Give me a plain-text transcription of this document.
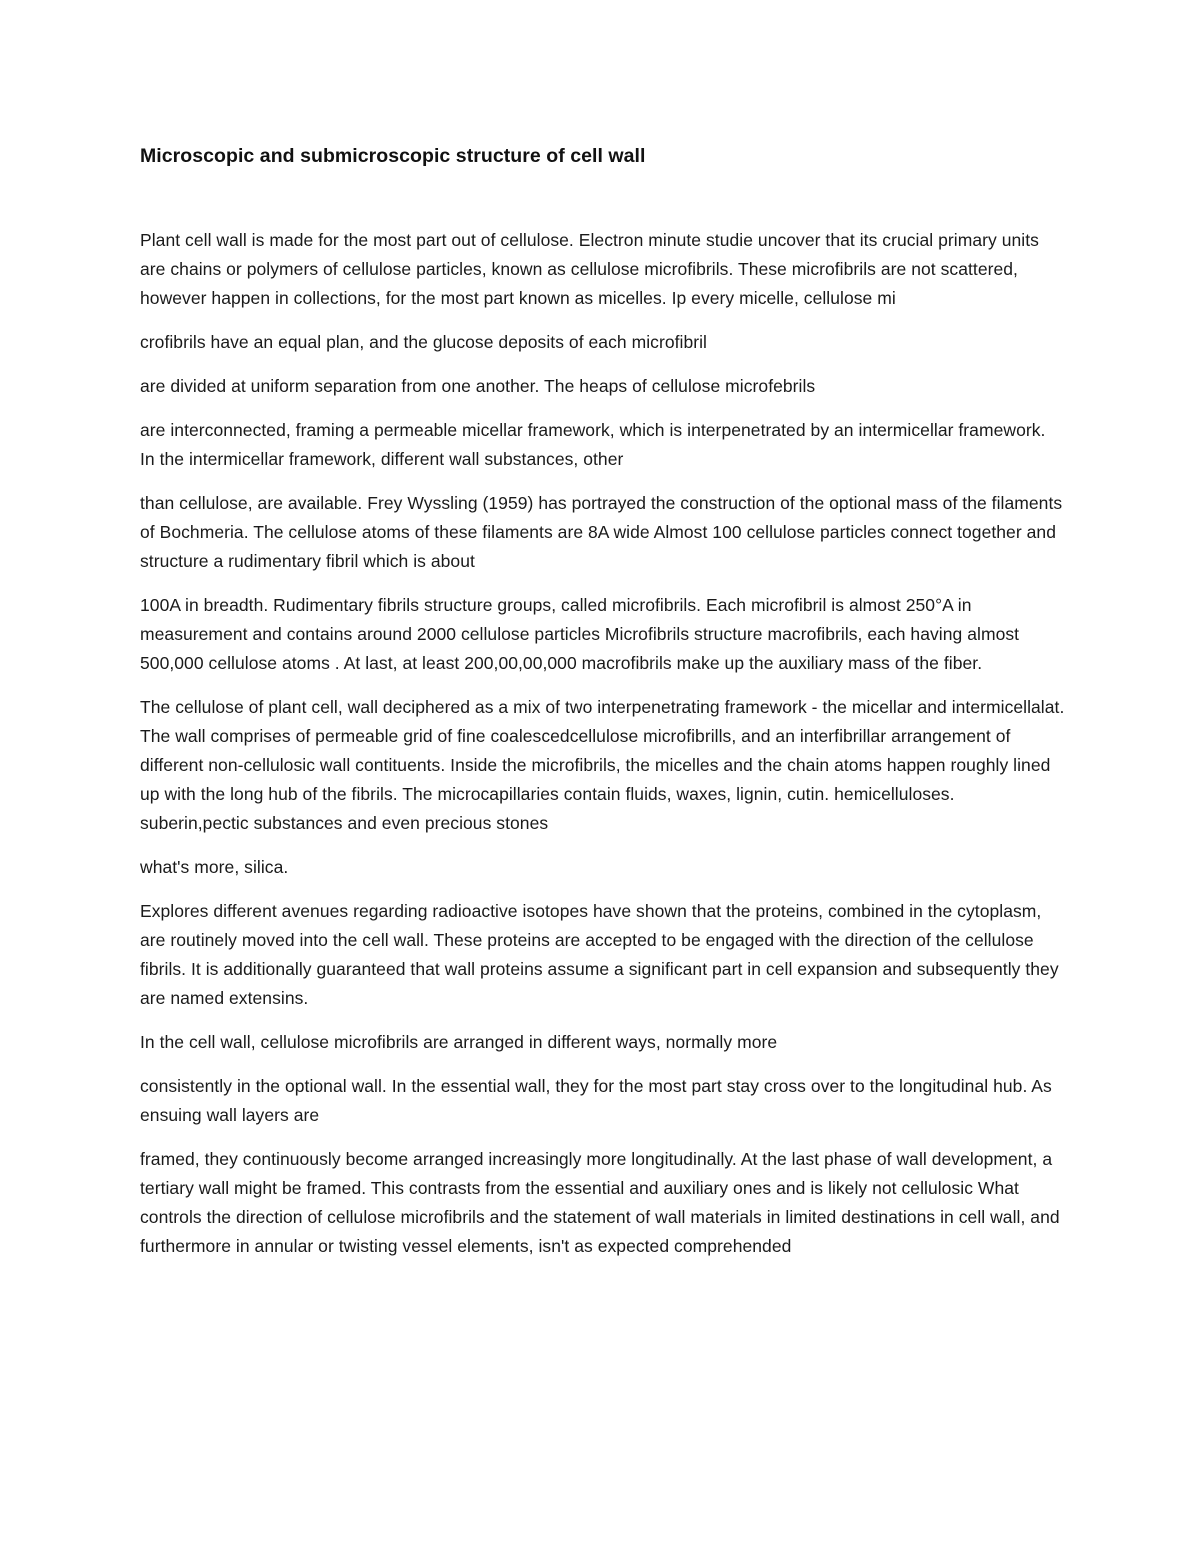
Microscopic and submicroscopic structure of cell wall

Plant cell wall is made for the most part out of cellulose. Electron minute studie uncover that its crucial primary units are chains or polymers of cellulose particles, known as cellulose microfibrils. These microfibrils are not scattered, however happen in collections, for the most part known as micelles. Ip every micelle, cellulose mi

crofibrils have an equal plan, and the glucose deposits of each microfibril

are divided at uniform separation from one another. The heaps of cellulose microfebrils

are interconnected, framing a permeable micellar framework, which is interpenetrated by an intermicellar framework. In the intermicellar framework, different wall substances, other

than cellulose, are available. Frey Wyssling (1959) has portrayed the construction of the optional mass of the filaments of Bochmeria. The cellulose atoms of these filaments are 8A wide Almost 100 cellulose particles connect together and structure a rudimentary fibril which is about

100A in breadth. Rudimentary fibrils structure groups, called microfibrils. Each microfibril is almost 250°A in measurement and contains around 2000 cellulose particles Microfibrils structure macrofibrils, each having almost 500,000 cellulose atoms . At last, at least 200,00,00,000 macrofibrils make up the auxiliary mass of the fiber.

The cellulose of plant cell, wall deciphered as a mix of two interpenetrating framework - the micellar and intermicellalat. The wall comprises of permeable grid of fine coalescedcellulose microfibrills, and an interfibrillar arrangement of different non-cellulosic wall contituents. Inside the microfibrils, the micelles and the chain atoms happen roughly lined up with the long hub of the fibrils. The microcapillaries contain fluids, waxes, lignin, cutin. hemicelluloses. suberin,pectic substances and even precious stones

what's more, silica.

Explores different avenues regarding radioactive isotopes have shown that the proteins, combined in the cytoplasm, are routinely moved into the cell wall. These proteins are accepted to be engaged with the direction of the cellulose fibrils. It is additionally guaranteed that wall proteins assume a significant part in cell expansion and subsequently they are named extensins.

In the cell wall, cellulose microfibrils are arranged in different ways, normally more

consistently in the optional wall. In the essential wall, they for the most part stay cross over to the longitudinal hub. As ensuing wall layers are

framed, they continuously become arranged increasingly more longitudinally. At the last phase of wall development, a tertiary wall might be framed. This contrasts from the essential and auxiliary ones and is likely not cellulosic What controls the direction of cellulose microfibrils and the statement of wall materials in limited destinations in cell wall, and furthermore in annular or twisting vessel elements, isn't as expected comprehended
